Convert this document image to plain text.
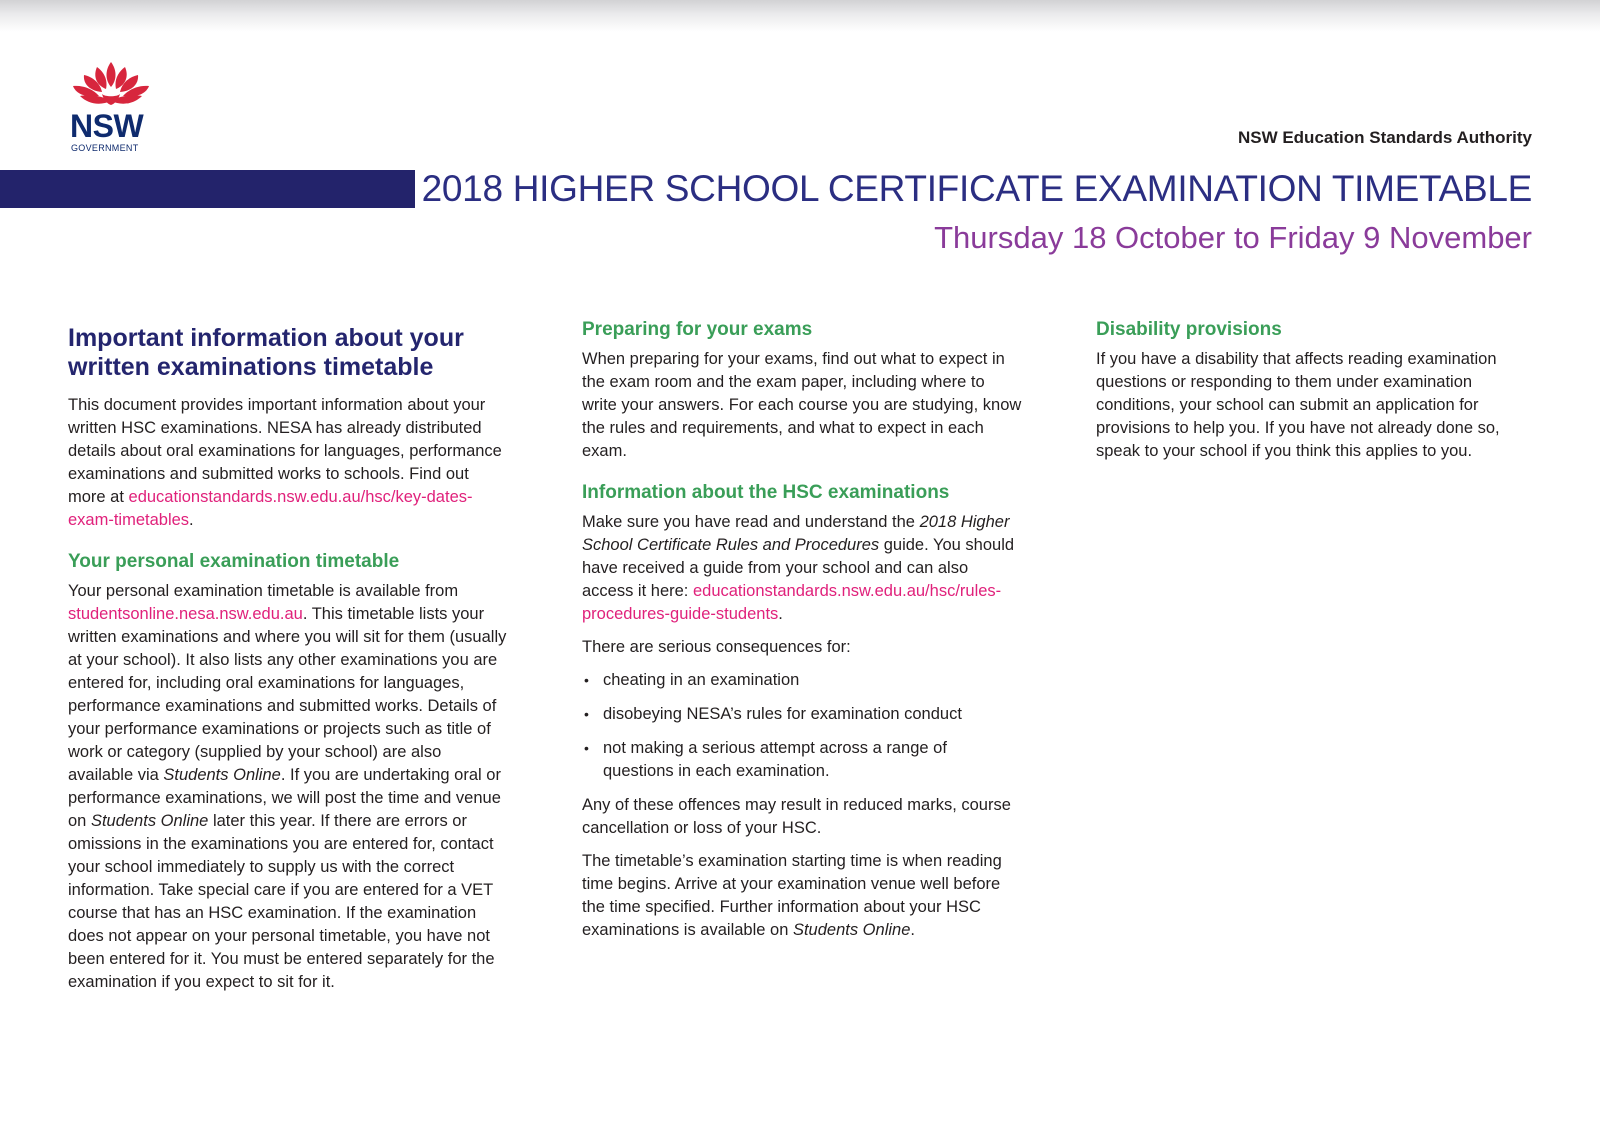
NSW
GOVERNMENT
NSW Education Standards Authority
2018 HIGHER SCHOOL CERTIFICATE EXAMINATION TIMETABLE
Thursday 18 October to Friday 9 November
Important information about your written examinations timetable

This document provides important information about your written HSC examinations. NESA has already distributed details about oral examinations for languages, performance examinations and submitted works to schools. Find out more at educationstandards.nsw.edu.au/hsc/key-dates-exam-timetables.

Your personal examination timetable

Your personal examination timetable is available from studentsonline.nesa.nsw.edu.au. This timetable lists your written examinations and where you will sit for them (usually at your school). It also lists any other examinations you are entered for, including oral examinations for languages, performance examinations and submitted works. Details of your performance examinations or projects such as title of work or category (supplied by your school) are also available via Students Online. If you are undertaking oral or performance examinations, we will post the time and venue on Students Online later this year. If there are errors or omissions in the examinations you are entered for, contact your school immediately to supply us with the correct information. Take special care if you are entered for a VET course that has an HSC examination. If the examination does not appear on your personal timetable, you have not been entered for it. You must be entered separately for the examination if you expect to sit for it.

Preparing for your exams

When preparing for your exams, find out what to expect in the exam room and the exam paper, including where to write your answers. For each course you are studying, know the rules and requirements, and what to expect in each exam.

Information about the HSC examinations

Make sure you have read and understand the 2018 Higher School Certificate Rules and Procedures guide. You should have received a guide from your school and can also access it here: educationstandards.nsw.edu.au/hsc/rules-procedures-guide-students.

There are serious consequences for:

• cheating in an examination
• disobeying NESA’s rules for examination conduct
• not making a serious attempt across a range of questions in each examination.

Any of these offences may result in reduced marks, course cancellation or loss of your HSC.

The timetable’s examination starting time is when reading time begins. Arrive at your examination venue well before the time specified. Further information about your HSC examinations is available on Students Online.

Disability provisions

If you have a disability that affects reading examination questions or responding to them under examination conditions, your school can submit an application for provisions to help you. If you have not already done so, speak to your school if you think this applies to you.
